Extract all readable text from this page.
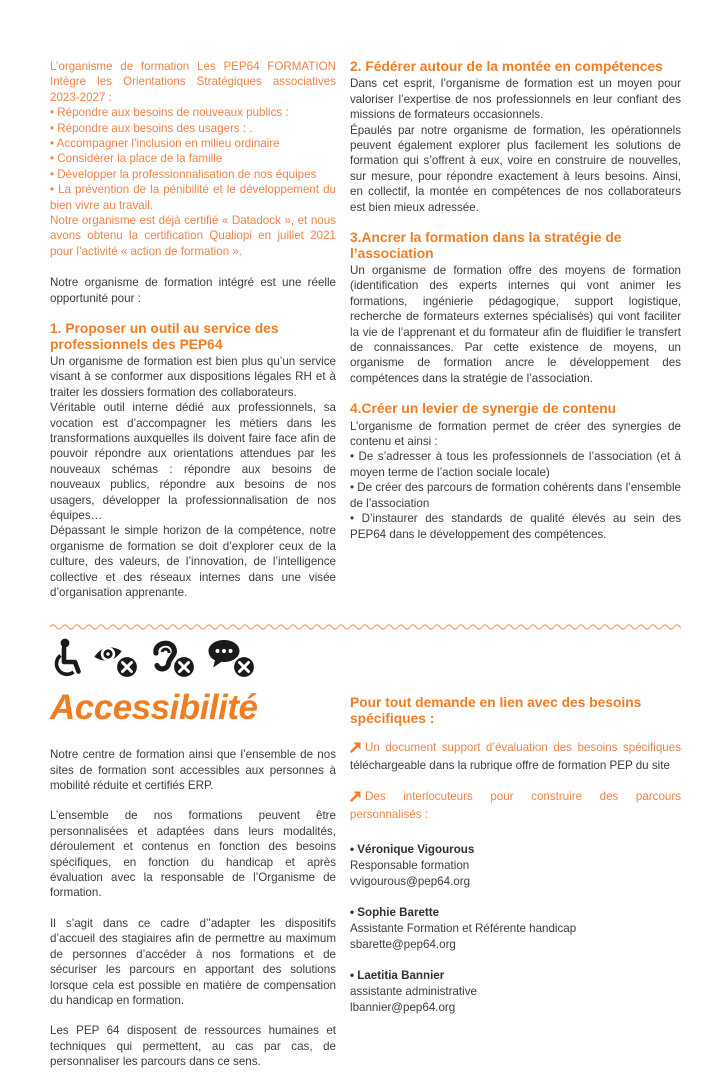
L’organisme de formation Les PEP64 FORMATION Intègre les Orientations Stratégiques associatives 2023-2027 :

• Répondre aux besoins de nouveaux publics :

• Répondre aux besoins des usagers : .

• Accompagner l’inclusion en milieu ordinaire

• Considérer la place de la famille

• Développer la professionnalisation de nos équipes

• La prévention de la pénibilité et le développement du bien vivre au travail.

Notre organisme est déjà certifié « Datadock », et nous avons obtenu la certification Qualiopi en juillet 2021 pour l’activité « action de formation ».

Notre organisme de formation intégré est une réelle opportunité pour :

1. Proposer un outil au service des professionnels des PEP64

Un organisme de formation est bien plus qu’un service visant à se conformer aux dispositions légales RH et à traiter les dossiers formation des collaborateurs.

Véritable outil interne dédié aux professionnels, sa vocation est d’accompagner les métiers dans les transformations auxquelles ils doivent faire face afin de pouvoir répondre aux orientations attendues par les nouveaux schémas : répondre aux besoins de nouveaux publics, répondre aux besoins de nos usagers, développer la professionnalisation de nos équipes…

Dépassant le simple horizon de la compétence, notre organisme de formation se doit d’explorer ceux de la culture, des valeurs, de l’innovation, de l’intelligence collective et des réseaux internes dans une visée d’organisation apprenante.

2. Fédérer autour de la montée en compétences

Dans cet esprit, l’organisme de formation est un moyen pour valoriser l’expertise de nos professionnels en leur confiant des missions de formateurs occasionnels.

Épaulés par notre organisme de formation, les opérationnels peuvent également explorer plus facilement les solutions de formation qui s’offrent à eux, voire en construire de nouvelles, sur mesure, pour répondre exactement à leurs besoins. Ainsi, en collectif, la montée en compétences de nos collaborateurs est bien mieux adressée.

3.Ancrer la formation dans la stratégie de l’association

Un organisme de formation offre des moyens de formation (identification des experts internes qui vont animer les formations, ingénierie pédagogique, support logistique, recherche de formateurs externes spécialisés) qui vont faciliter la vie de l’apprenant et du formateur afin de fluidifier le transfert de connaissances. Par cette existence de moyens, un organisme de formation ancre le développement des compétences dans la stratégie de l’association.

4.Créer un levier de synergie de contenu

L’organisme de formation permet de créer des synergies de contenu et ainsi :

• De s’adresser à tous les professionnels de l’association (et à moyen terme de l’action sociale locale)

• De créer des parcours de formation cohérents dans l’ensemble de l’association

• D’instaurer des standards de qualité élevés au sein des PEP64 dans le développement des compétences.

Accessibilité

Notre centre de formation ainsi que l’ensemble de nos sites de formation sont accessibles aux personnes à mobilité réduite et certifiés ERP.

L’ensemble de nos formations peuvent être personnalisées et adaptées dans leurs modalités, déroulement et contenus en fonction des besoins spécifiques, en fonction du handicap et après évaluation avec la responsable de l’Organisme de formation.

Il s’agit dans ce cadre d’’adapter les dispositifs d’accueil des stagiaires afin de permettre au maximum de personnes d’accéder à nos formations et de sécuriser les parcours en apportant des solutions lorsque cela est possible en matière de compensation du handicap en formation.

Les PEP 64 disposent de ressources humaines et techniques qui permettent, au cas par cas, de personnaliser les parcours dans ce sens.

Pour tout demande en lien avec des besoins spécifiques :
Un document support d’évaluation des besoins spécifiques téléchargeable dans la rubrique offre de formation PEP du site
Des interlocuteurs pour construire des parcours personnalisés :

• Véronique Vigourous

Responsable formation

vvigourous@pep64.org

• Sophie Barette

Assistante Formation et Référente handicap

sbarette@pep64.org

• Laetitia Bannier

assistante administrative

lbannier@pep64.org
